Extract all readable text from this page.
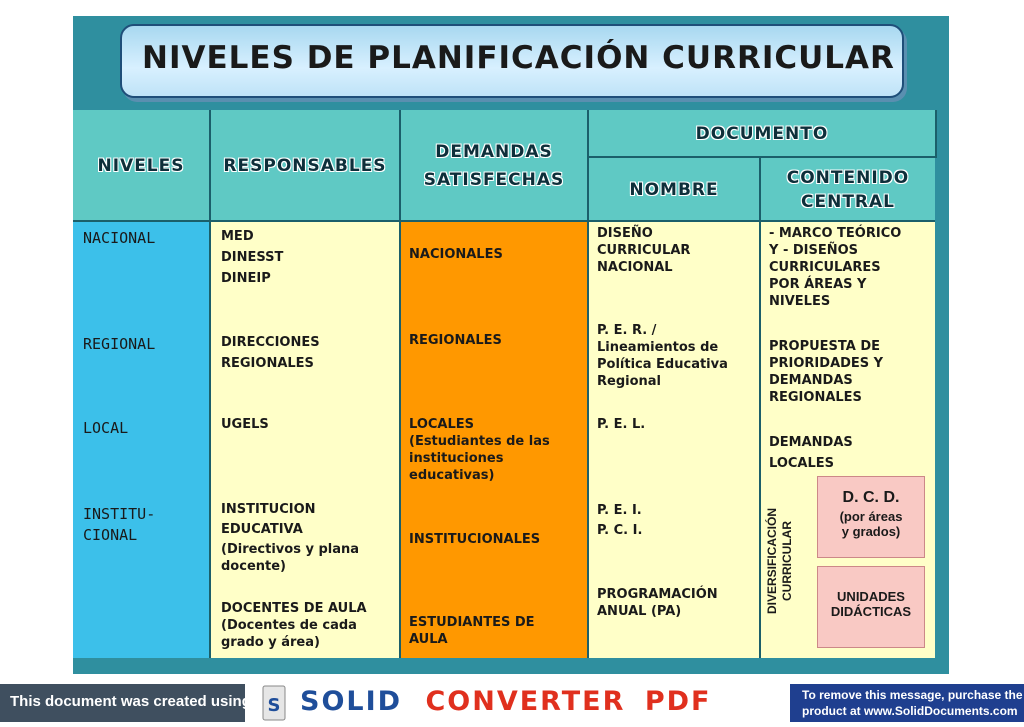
NIVELES DE PLANIFICACIÓN CURRICULAR
NIVELES	RESPONSABLES
DEMANDAS
SATISFECHAS
DOCUMENTO
NOMBRE
CONTENIDO
CENTRAL
NACIONAL
REGIONAL
LOCAL
INSTITU-
CIONAL
MED
DINESST
DINEIP
DIRECCIONES
REGIONALES
UGELS
INSTITUCION
EDUCATIVA
(Directivos y plana
docente)
DOCENTES DE AULA
(Docentes de cada
grado y área)
NACIONALES
REGIONALES
LOCALES
(Estudiantes de las
instituciones
educativas)
INSTITUCIONALES
ESTUDIANTES DE
AULA
DISEÑO
CURRICULAR
NACIONAL
P. E. R. /
Lineamientos de
Política Educativa
Regional
P. E. L.
P. E. I.
P. C. I.
PROGRAMACIÓN
ANUAL (PA)
- MARCO TEÓRICO
Y - DISEÑOS
CURRICULARES
POR ÁREAS Y
NIVELES
PROPUESTA DE
PRIORIDADES Y
DEMANDAS
REGIONALES
DEMANDAS
LOCALES
DIVERSIFICACIÓN CURRICULAR
D. C. D.
(por áreas
y grados)
UNIDADES
DIDÁCTICAS
This document was created using S SOLID CONVERTER PDF	To remove this message, purchase the
product at www.SolidDocuments.com
